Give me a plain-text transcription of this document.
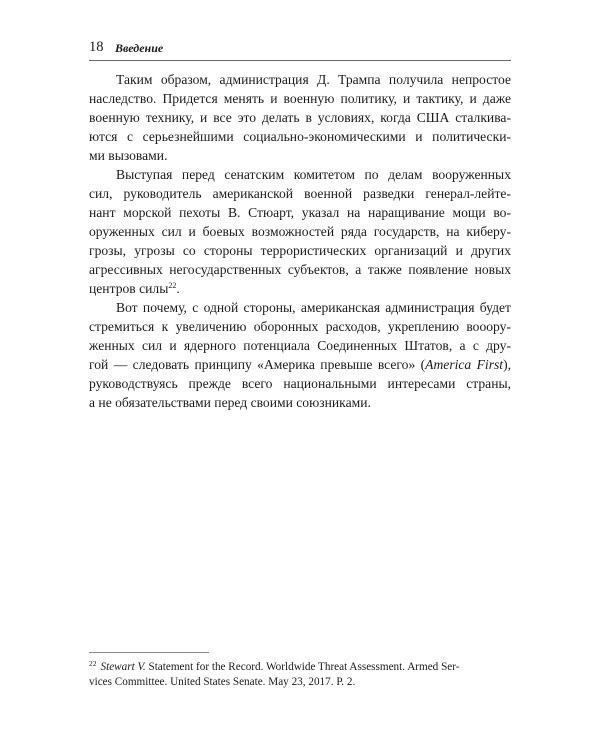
18 Введение
Таким образом, администрация Д. Трампа получила непростое
наследство. Придется менять и военную политику, и тактику, и даже
военную технику, и все это делать в условиях, когда США сталкива-
ются с серьезнейшими социально-экономическими и политически-
ми вызовами.
Выступая перед сенатским комитетом по делам вооруженных
сил, руководитель американской военной разведки генерал-лейте-
нант морской пехоты В. Стюарт, указал на наращивание мощи во-
оруженных сил и боевых возможностей ряда государств, на киберу-
грозы, угрозы со стороны террористических организаций и других
агрессивных негосударственных субъектов, а также появление новых
центров силы$^{22}$.
Вот почему, с одной стороны, американская администрация будет
стремиться к увеличению оборонных расходов, укреплению вооору-
женных сил и ядерного потенциала Соединенных Штатов, а с дру-
гой — следовать принципу «Америка превыше всего» (America First),
руководствуясь прежде всего национальными интересами страны,
а не обязательствами перед своими союзниками.
$^{22}$ Stewart V. Statement for the Record. Worldwide Threat Assessment. Armed Ser-
vices Committee. United States Senate. May 23, 2017. P. 2.
